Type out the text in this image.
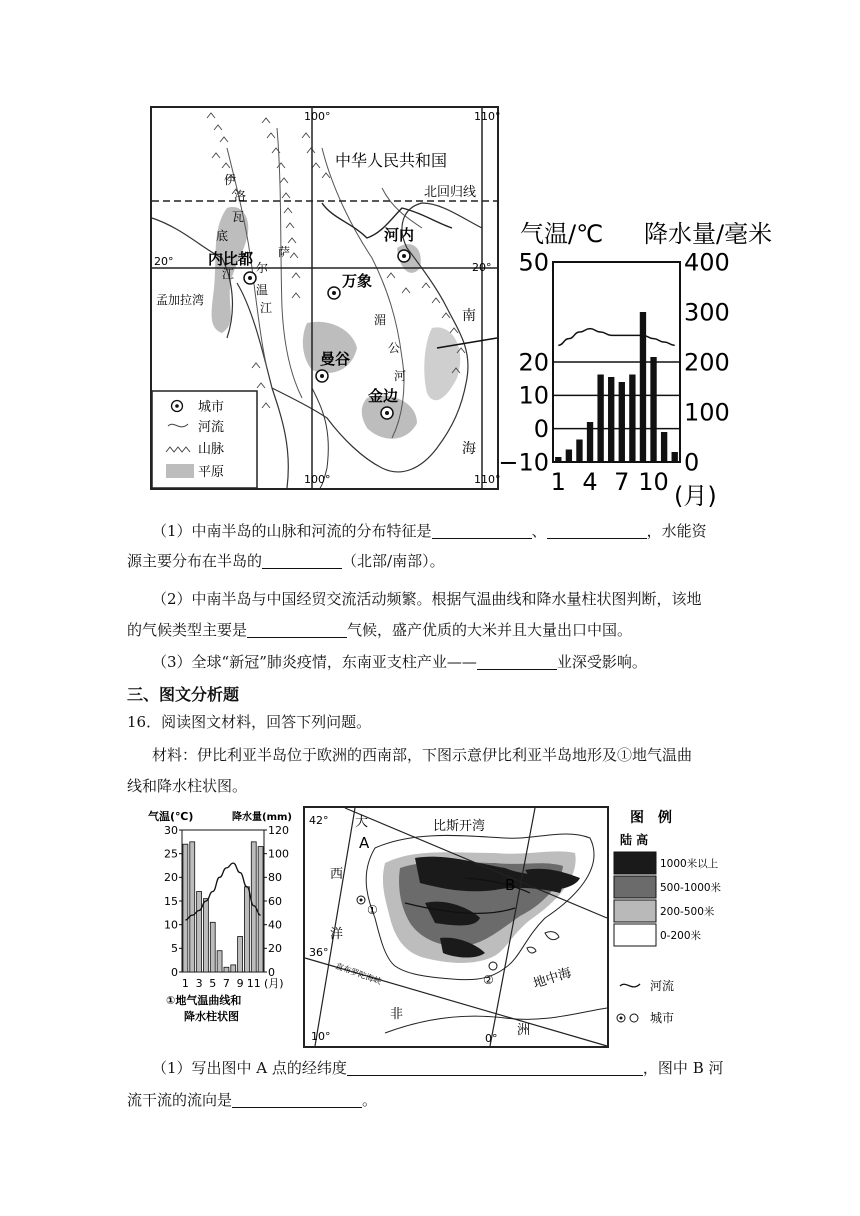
100°	110°
100°	110°
20°	20°
中华人民共和国
北回归线
伊
洛
瓦
底
江
萨
尔
温
江
湄
公
河
孟加拉湾
南
海
河内
内比都
万象
曼谷
金边
城市
河流
山脉
平原
气温/℃ 降水量/毫米
50
20
10
0
−10
400
300
200
100
0
1 4 7 10 (月)
（1）中南半岛的山脉和河流的分布特征是	、	，水能资
源主要分布在半岛的	（北部/南部）。
（2）中南半岛与中国经贸交流活动频繁。根据气温曲线和降水量柱状图判断，该地
的气候类型主要是	气候，盛产优质的大米并且大量出口中国。
（3）全球“新冠”肺炎疫情，东南亚支柱产业——	业深受影响。
三、图文分析题
16．阅读图文材料，回答下列问题。
材料：伊比利亚半岛位于欧洲的西南部，下图示意伊比利亚半岛地形及①地气温曲
线和降水柱状图。
气温(℃)	降水量(mm)
30
25
20
15
10
5
0
120
100
80
60
40
20
0
1 3 5 7 9 11 (月)
①地气温曲线和
降水柱状图
42°
36°
10°	0°
大
西
洋
比斯开湾
地中海
直布罗陀海峡
非
洲
A
B
①
②
图　例
陆 高
1000米以上
500-1000米
200-500米
0-200米
河流
城市
（1）写出图中 A 点的经纬度	，图中 B 河
流干流的流向是	。
